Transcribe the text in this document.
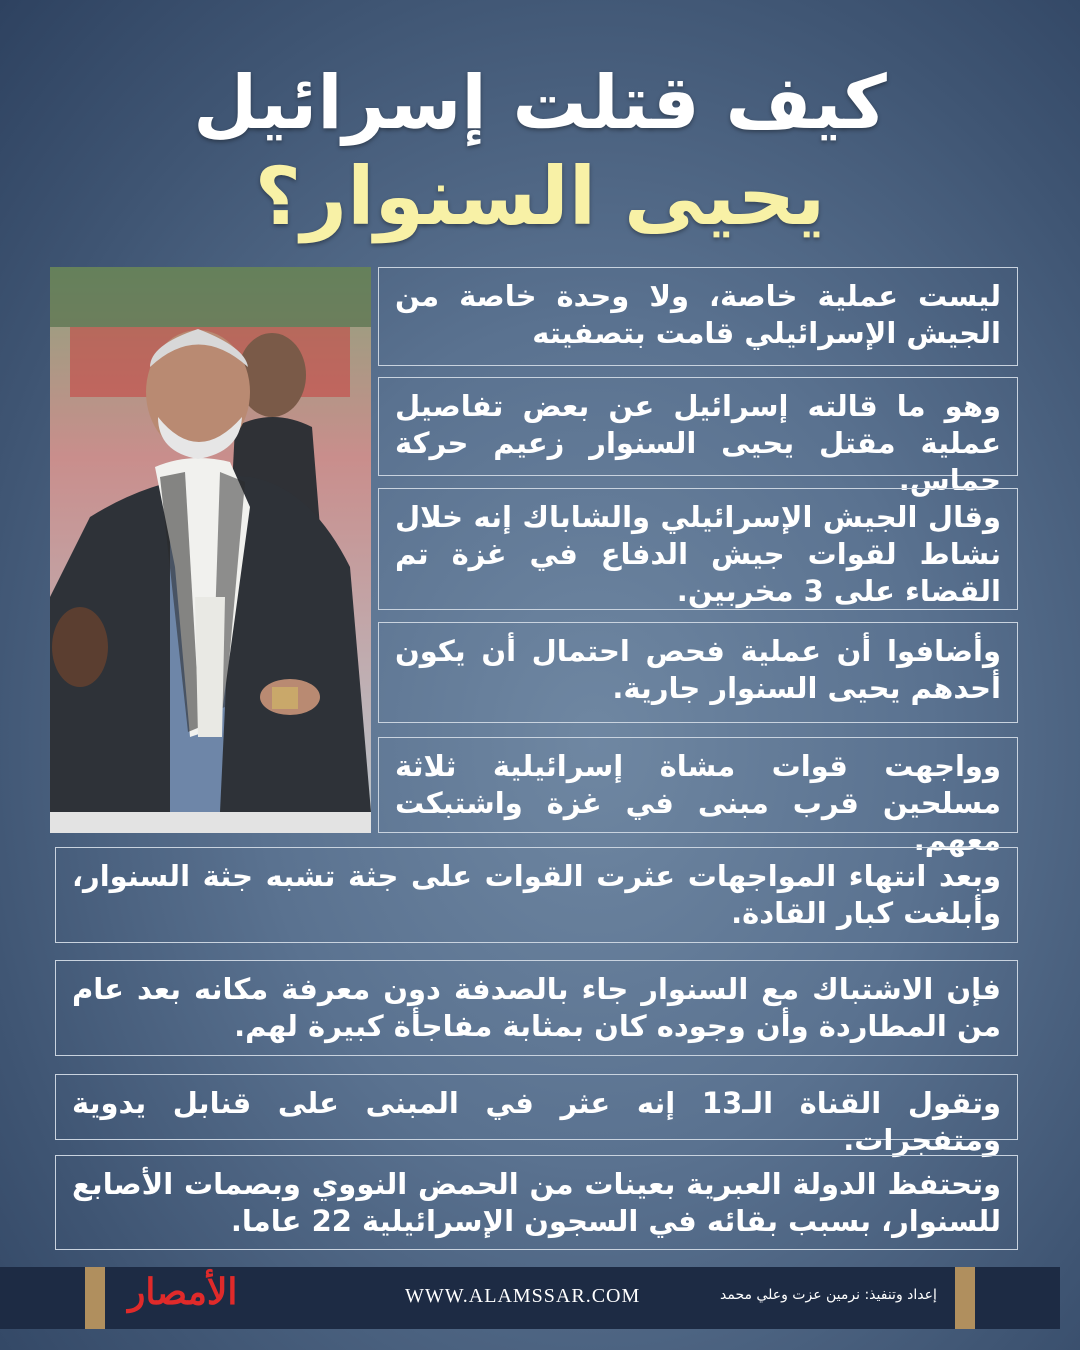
كيف قتلت إسرائيل
يحيى السنوار؟
ليست عملية خاصة، ولا وحدة خاصة من الجيش الإسرائيلي قامت بتصفيته
وهو ما قالته إسرائيل عن بعض تفاصيل عملية مقتل يحيى السنوار زعيم حركة حماس.
وقال الجيش الإسرائيلي والشاباك إنه خلال نشاط لقوات جيش الدفاع في غزة تم القضاء على 3 مخربين.
وأضافوا أن عملية فحص احتمال أن يكون أحدهم يحيى السنوار جارية.
وواجهت قوات مشاة إسرائيلية ثلاثة مسلحين قرب مبنى في غزة واشتبكت معهم.
وبعد انتهاء المواجهات عثرت القوات على جثة تشبه جثة السنوار، وأبلغت كبار القادة.
فإن الاشتباك مع السنوار جاء بالصدفة دون معرفة مكانه بعد عام من المطاردة وأن وجوده كان بمثابة مفاجأة كبيرة لهم.
وتقول القناة الـ13 إنه عثر في المبنى على قنابل يدوية ومتفجرات.
وتحتفظ الدولة العبرية بعينات من الحمض النووي وبصمات الأصابع للسنوار، بسبب بقائه في السجون الإسرائيلية 22 عاما.
الأمصار	WWW.ALAMSSAR.COM	إعداد وتنفيذ: نرمين عزت وعلي محمد
